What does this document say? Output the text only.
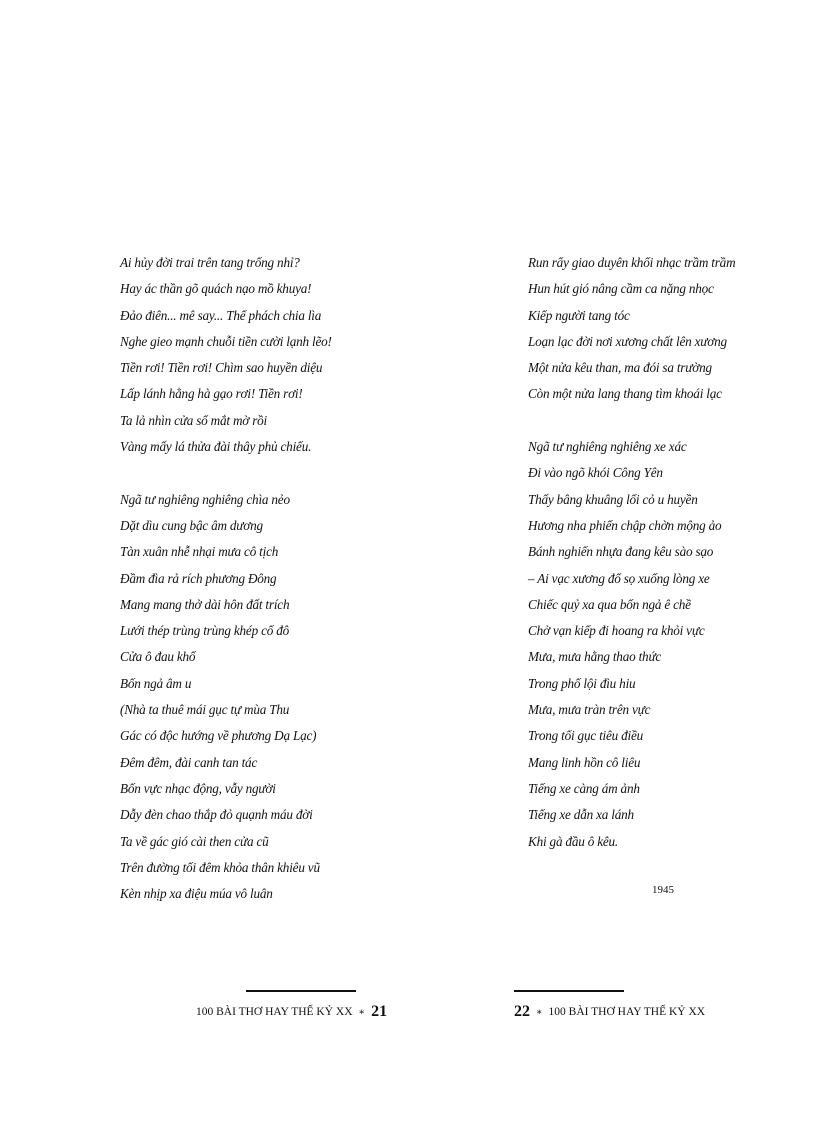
Ai hủy đời trai trên tang trống nhỉ?
Hay ác thần gõ quách nạo mồ khuya!
Đảo điên... mê say... Thể phách chia lìa
Nghe gieo mạnh chuỗi tiền cười lạnh lẽo!
Tiền rơi! Tiền rơi! Chìm sao huyền diệu
Lấp lánh hằng hà gạo rơi! Tiền rơi!
Ta lả nhìn cửa sổ mắt mờ rồi
Vàng mấy lá thửa đài thây phủ chiếu.
Ngã tư nghiêng nghiêng chìa nẻo
Dặt dìu cung bậc âm dương
Tàn xuân nhễ nhại mưa cô tịch
Đầm đìa rả rích phương Đông
Mang mang thở dài hôn đất trích
Lưới thép trùng trùng khép cố đô
Cửa ô đau khổ
Bốn ngả âm u
(Nhà ta thuê mái gục tự mùa Thu
Gác có độc hướng về phương Dạ Lạc)
Đêm đêm, đài canh tan tác
Bốn vực nhạc động, vẫy người
Dẫy đèn chao thắp đỏ quạnh máu đời
Ta về gác gió cài then cửa cũ
Trên đường tối đêm khỏa thân khiêu vũ
Kèn nhịp xa điệu múa vô luân
Run rẩy giao duyên khối nhạc trầm trầm
Hun hút gió nâng cầm ca nặng nhọc
Kiếp người tang tóc
Loạn lạc đời nơi xương chất lên xương
Một nửa kêu than, ma đói sa trường
Còn một nửa lang thang tìm khoái lạc
Ngã tư nghiêng nghiêng xe xác
Đi vào ngõ khói Công Yên
Thấy bâng khuâng lối cỏ u huyền
Hương nha phiến chập chờn mộng ảo
Bánh nghiến nhựa đang kêu sào sạo
– Ai vạc xương đổ sọ xuống lòng xe
Chiếc quỷ xa qua bốn ngả ê chề
Chở vạn kiếp đi hoang ra khỏi vực
Mưa, mưa hằng thao thức
Trong phố lội đìu hiu
Mưa, mưa tràn trên vực
Trong tối gục tiêu điều
Mang linh hồn cô liêu
Tiếng xe càng ám ảnh
Tiếng xe dẫn xa lánh
Khi gà đầu ô kêu.
1945
100 BÀI THƠ HAY THẾ KỶ XX ∗ 21	22 ∗ 100 BÀI THƠ HAY THẾ KỶ XX
